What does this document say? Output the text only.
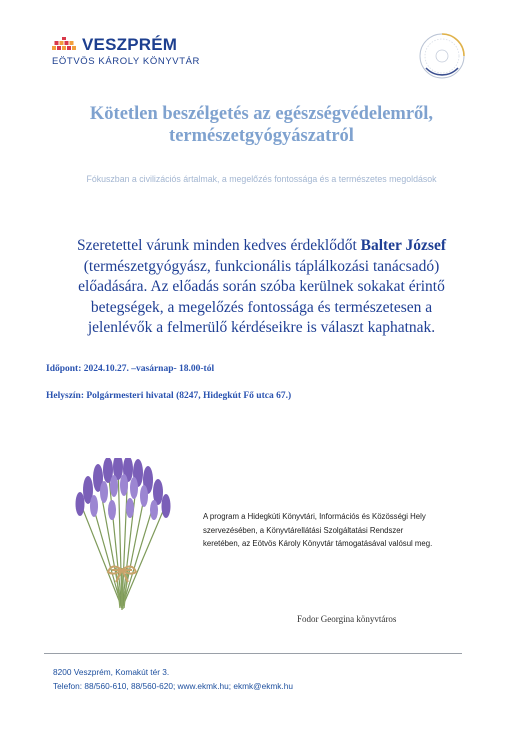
VESZPRÉM
EÖTVÖS KÁROLY KÖNYVTÁR
Kötetlen beszélgetés az egészségvédelemről,
természetgyógyászatról
Fókuszban a civilizációs ártalmak, a megelőzés fontossága és a természetes megoldások
Szeretettel várunk minden kedves érdeklődőt Balter József
(természetgyógyász, funkcionális táplálkozási tanácsadó)
előadására. Az előadás során szóba kerülnek sokakat érintő
betegségek, a megelőzés fontossága és természetesen a
jelenlévők a felmerülő kérdéseikre is választ kaphatnak.
Időpont: 2024.10.27. –vasárnap- 18.00-tól
Helyszín: Polgármesteri hivatal (8247, Hidegkút Fő utca 67.)
A program a Hidegkúti Könyvtári, Információs és Közösségi Hely
szervezésében, a Könyvtárellátási Szolgáltatási Rendszer
keretében, az Eötvös Károly Könyvtár támogatásával valósul meg.
Fodor Georgina könyvtáros
8200 Veszprém, Komakút tér 3.
Telefon: 88/560-610, 88/560-620; www.ekmk.hu; ekmk@ekmk.hu
